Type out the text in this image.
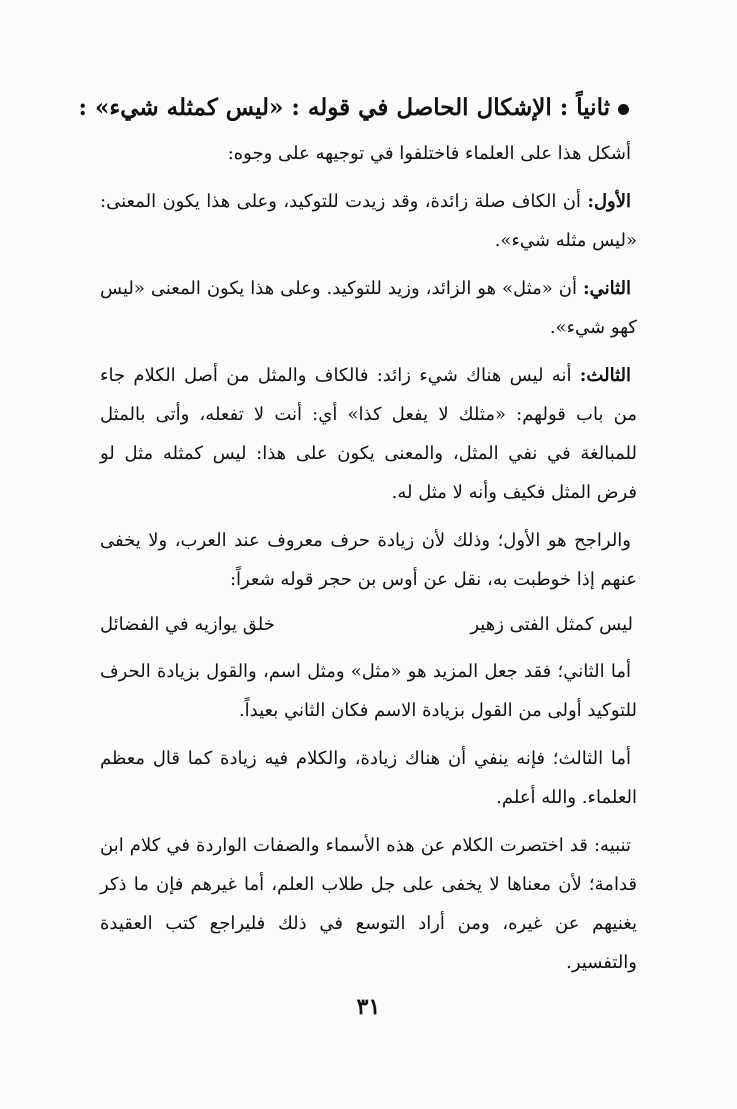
ثانياً : الإشكال الحاصل في قوله : «ليس كمثله شيء» :

أشكل هذا على العلماء فاختلفوا في توجيهه على وجوه:

الأول: أن الكاف صلة زائدة، وقد زيدت للتوكيد، وعلى هذا يكون المعنى: «ليس مثله شيء».

الثاني: أن «مثل» هو الزائد، وزيد للتوكيد. وعلى هذا يكون المعنى «ليس كهو شيء».

الثالث: أنه ليس هناك شيء زائد: فالكاف والمثل من أصل الكلام جاء من باب قولهم: «مثلك لا يفعل كذا» أي: أنت لا تفعله، وأتى بالمثل للمبالغة في نفي المثل، والمعنى يكون على هذا: ليس كمثله مثل لو فرض المثل فكيف وأنه لا مثل له.

والراجح هو الأول؛ وذلك لأن زيادة حرف معروف عند العرب، ولا يخفى عنهم إذا خوطبت به، نقل عن أوس بن حجر قوله شعراً:

ليس كمثل الفتى زهير
خلق يوازيه في الفضائل

أما الثاني؛ فقد جعل المزيد هو «مثل» ومثل اسم، والقول بزيادة الحرف للتوكيد أولى من القول بزيادة الاسم فكان الثاني بعيداً.

أما الثالث؛ فإنه ينفي أن هناك زيادة، والكلام فيه زيادة كما قال معظم العلماء. والله أعلم.

تنبيه: قد اختصرت الكلام عن هذه الأسماء والصفات الواردة في كلام ابن قدامة؛ لأن معناها لا يخفى على جل طلاب العلم، أما غيرهم فإن ما ذكر يغنيهم عن غيره، ومن أراد التوسع في ذلك فليراجع كتب العقيدة والتفسير.

٣١
